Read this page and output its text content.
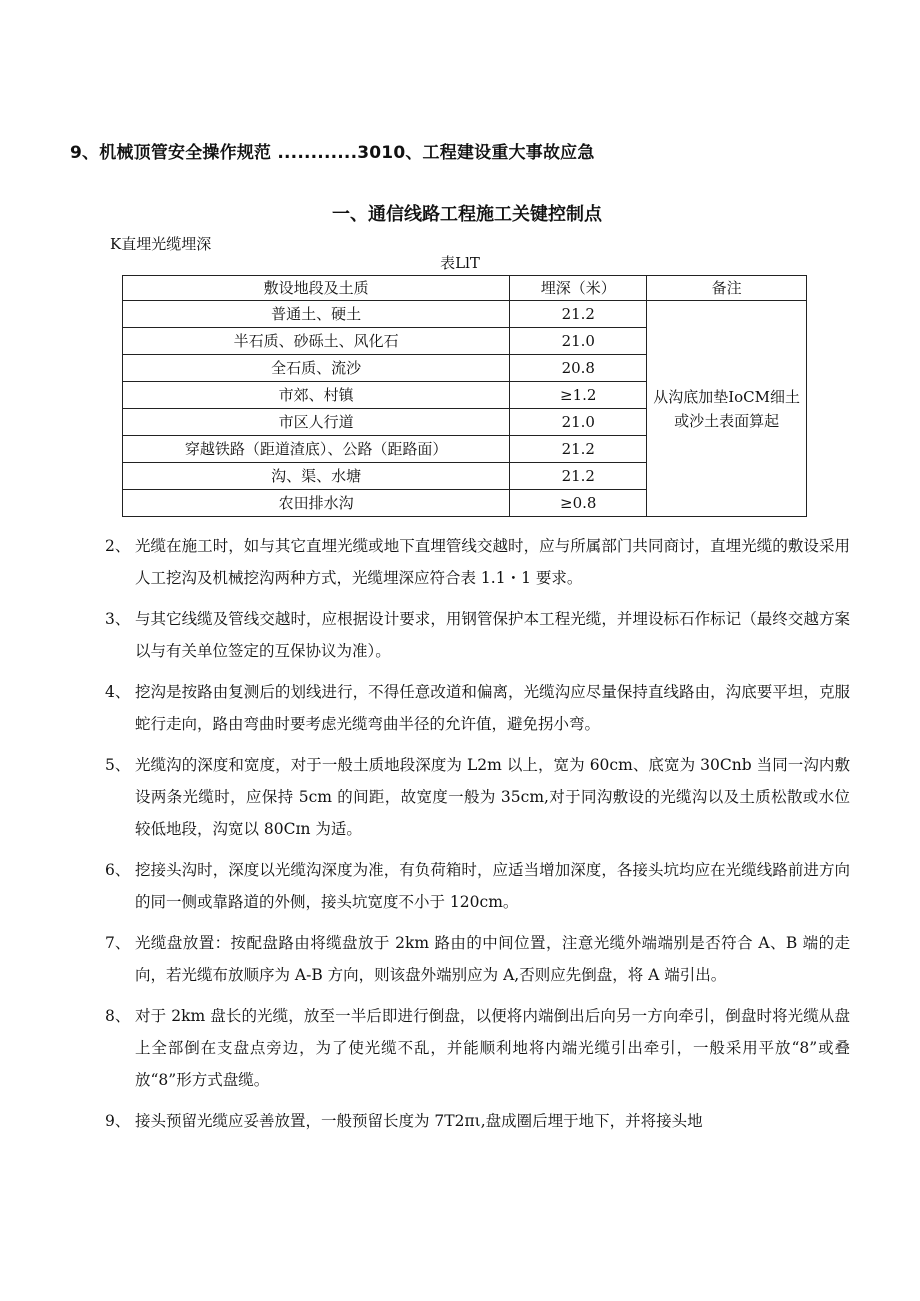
9、机械顶管安全操作规范 ............3010、工程建设重大事故应急
一、通信线路工程施工关键控制点
K直埋光缆埋深
表LlT
敷设地段及土质	埋深（米）	备注
普通土、硬土	21.2	从沟底加垫IoCM细土或沙土表面算起
半石质、砂砾土、风化石	21.0	
全石质、流沙	20.8	
市郊、村镇	≥1.2	
市区人行道	21.0	
穿越铁路（距道渣底）、公路（距路面）	21.2	
沟、渠、水塘	21.2	
农田排水沟	≥0.8	
2、 光缆在施工时，如与其它直埋光缆或地下直埋管线交越时，应与所属部门共同商讨，直埋光缆的敷设采用人工挖沟及机械挖沟两种方式，光缆埋深应符合表 1.1・1 要求。
3、 与其它线缆及管线交越时，应根据设计要求，用钢管保护本工程光缆，并埋设标石作标记（最终交越方案以与有关单位签定的互保协议为准）。
4、 挖沟是按路由复测后的划线进行，不得任意改道和偏离，光缆沟应尽量保持直线路由，沟底要平坦，克服蛇行走向，路由弯曲时要考虑光缆弯曲半径的允许值，避免拐小弯。
5、 光缆沟的深度和宽度，对于一般土质地段深度为 L2m 以上，宽为 60cm、底宽为 30Cnb 当同一沟内敷设两条光缆时，应保持 5cm 的间距，故宽度一般为 35cm,对于同沟敷设的光缆沟以及土质松散或水位较低地段，沟宽以 80Cɪn 为适。
6、 挖接头沟时，深度以光缆沟深度为准，有负荷箱时，应适当增加深度，各接头坑均应在光缆线路前进方向的同一侧或靠路道的外侧，接头坑宽度不小于 120cm。
7、 光缆盘放置：按配盘路由将缆盘放于 2km 路由的中间位置，注意光缆外端端别是否符合 A、B 端的走向，若光缆布放顺序为 A-B 方向，则该盘外端别应为 A,否则应先倒盘，将 A 端引出。
8、 对于 2km 盘长的光缆，放至一半后即进行倒盘，以便将内端倒出后向另一方向牵引，倒盘时将光缆从盘上全部倒在支盘点旁边，为了使光缆不乱，并能顺利地将内端光缆引出牵引，一般采用平放“8”或叠放“8”形方式盘缆。
9、 接头预留光缆应妥善放置，一般预留长度为 7T2πι,盘成圈后埋于地下，并将接头地
